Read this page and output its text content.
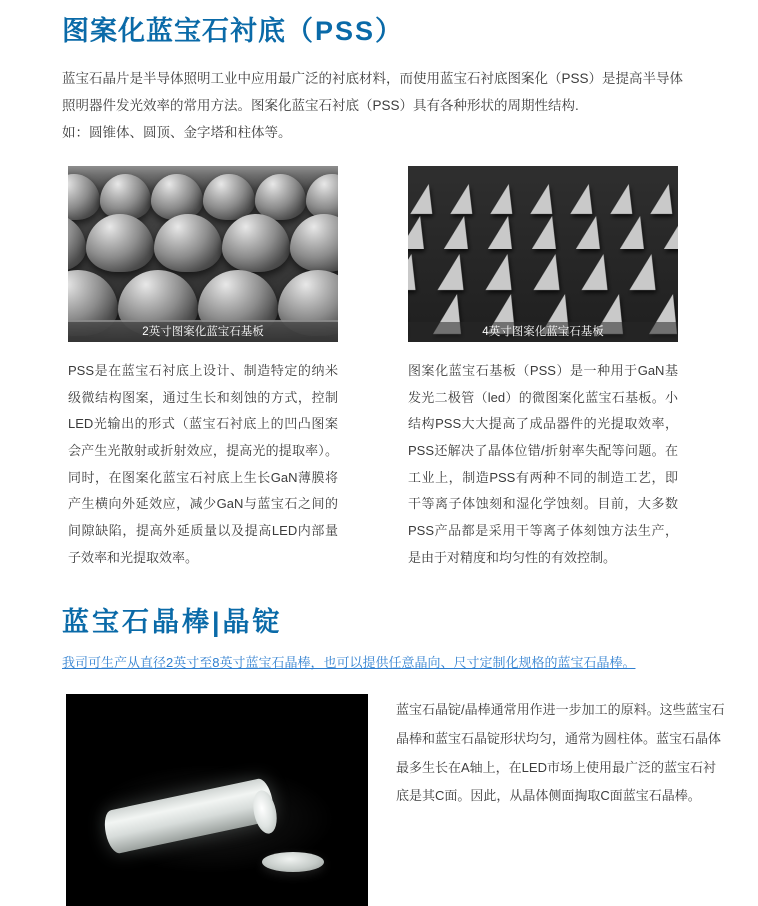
图案化蓝宝石衬底（PSS）

蓝宝石晶片是半导体照明工业中应用最广泛的衬底材料，而使用蓝宝石衬底图案化（PSS）是提高半导体

照明器件发光效率的常用方法。图案化蓝宝石衬底（PSS）具有各种形状的周期性结构.

如：圆锥体、圆顶、金字塔和柱体等。

2英寸图案化蓝宝石基板

PSS是在蓝宝石衬底上设计、制造特定的纳米级微结构图案，通过生长和刻蚀的方式，控制LED光输出的形式（蓝宝石衬底上的凹凸图案会产生光散射或折射效应，提高光的提取率）。同时，在图案化蓝宝石衬底上生长GaN薄膜将产生横向外延效应，减少GaN与蓝宝石之间的间隙缺陷，提高外延质量以及提高LED内部量子效率和光提取效率。

4英寸图案化蓝宝石基板

图案化蓝宝石基板（PSS）是一种用于GaN基发光二极管（led）的微图案化蓝宝石基板。小结构PSS大大提高了成品器件的光提取效率，PSS还解决了晶体位错/折射率失配等问题。在工业上，制造PSS有两种不同的制造工艺，即干等离子体蚀刻和湿化学蚀刻。目前，大多数PSS产品都是采用干等离子体刻蚀方法生产，是由于对精度和均匀性的有效控制。

蓝宝石晶棒|晶锭
我司可生产从直径2英寸至8英寸蓝宝石晶棒，也可以提供任意晶向、尺寸定制化规格的蓝宝石晶棒。

蓝宝石晶锭/晶棒通常用作进一步加工的原料。这些蓝宝石晶棒和蓝宝石晶锭形状均匀，通常为圆柱体。蓝宝石晶体最多生长在A轴上，在LED市场上使用最广泛的蓝宝石衬底是其C面。因此，从晶体侧面掏取C面蓝宝石晶棒。
